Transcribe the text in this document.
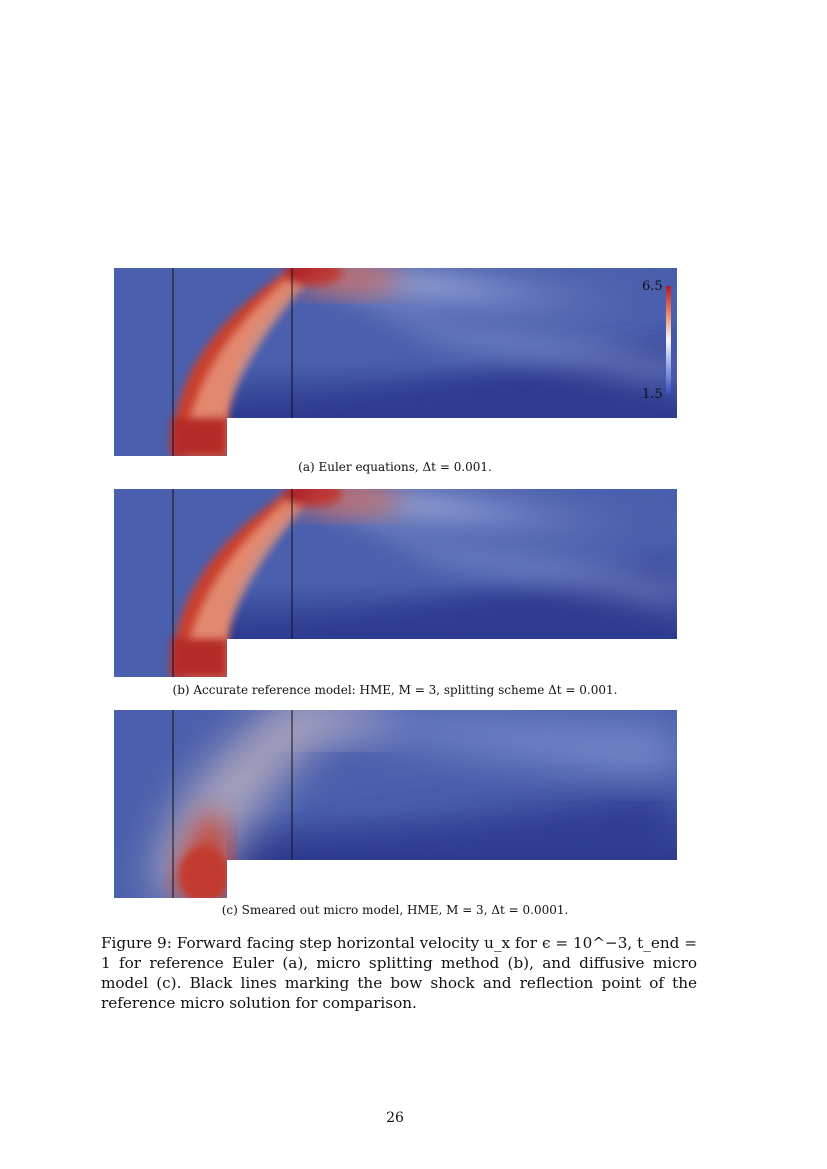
6.5
1.5
(a) Euler equations, Δt = 0.001.
(b) Accurate reference model: HME, M = 3, splitting scheme Δt = 0.001.
(c) Smeared out micro model, HME, M = 3, Δt = 0.0001.
Figure 9: Forward facing step horizontal velocity u_x for ϵ = 10^−3, t_end = 1 for reference Euler (a), micro splitting method (b), and diffusive micro model (c). Black lines marking the bow shock and reflection point of the reference micro solution for comparison.
26
